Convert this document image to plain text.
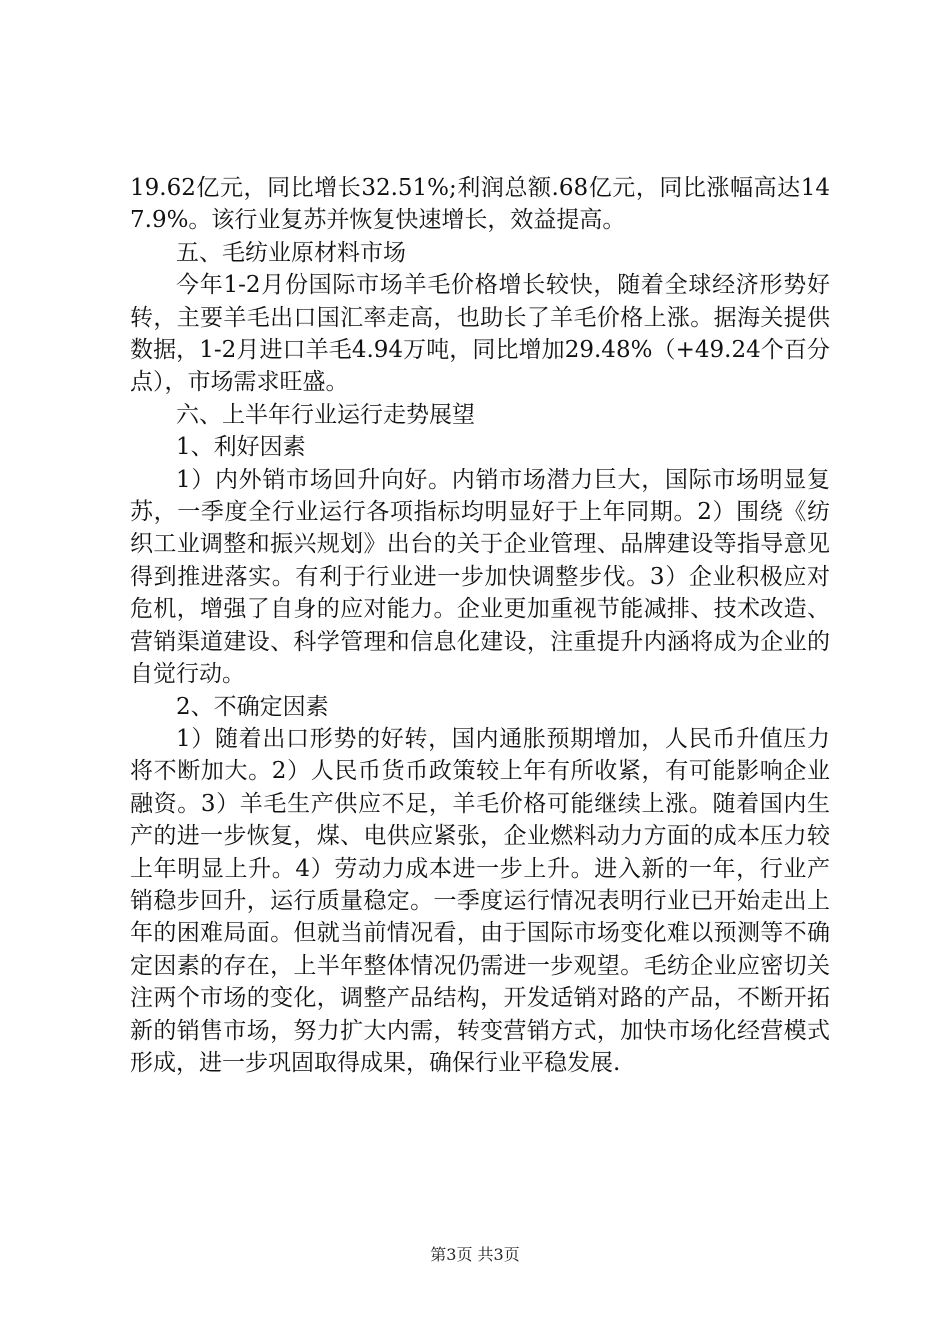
19.62亿元，同比增长32.51%;利润总额.68亿元，同比涨幅高达147.9%。该行业复苏并恢复快速增长，效益提高。

五、毛纺业原材料市场

今年1-2月份国际市场羊毛价格增长较快，随着全球经济形势好转，主要羊毛出口国汇率走高，也助长了羊毛价格上涨。据海关提供数据，1-2月进口羊毛4.94万吨，同比增加29.48%（+49.24个百分点），市场需求旺盛。

六、上半年行业运行走势展望

1、利好因素

1）内外销市场回升向好。内销市场潜力巨大，国际市场明显复苏，一季度全行业运行各项指标均明显好于上年同期。2）围绕《纺织工业调整和振兴规划》出台的关于企业管理、品牌建设等指导意见得到推进落实。有利于行业进一步加快调整步伐。3）企业积极应对危机，增强了自身的应对能力。企业更加重视节能减排、技术改造、营销渠道建设、科学管理和信息化建设，注重提升内涵将成为企业的自觉行动。

2、不确定因素

1）随着出口形势的好转，国内通胀预期增加，人民币升值压力将不断加大。2）人民币货币政策较上年有所收紧，有可能影响企业融资。3）羊毛生产供应不足，羊毛价格可能继续上涨。随着国内生产的进一步恢复，煤、电供应紧张，企业燃料动力方面的成本压力较上年明显上升。4）劳动力成本进一步上升。进入新的一年，行业产销稳步回升，运行质量稳定。一季度运行情况表明行业已开始走出上年的困难局面。但就当前情况看，由于国际市场变化难以预测等不确定因素的存在，上半年整体情况仍需进一步观望。毛纺企业应密切关注两个市场的变化，调整产品结构，开发适销对路的产品，不断开拓新的销售市场，努力扩大内需，转变营销方式，加快市场化经营模式形成，进一步巩固取得成果，确保行业平稳发展.

第3页 共3页
